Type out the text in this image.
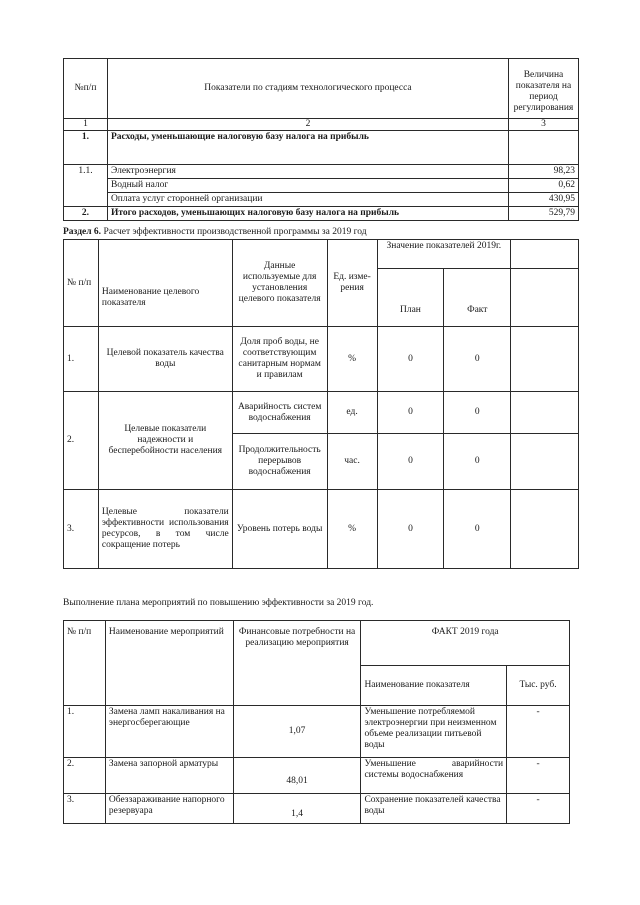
№п/п	Показатели по стадиям технологического процесса	Величина показателя на период регулирования
1	2	3
1.	Расходы, уменьшающие налоговую базу налога на прибыль	
1.1.	Электроэнергия	98,23
	Водный налог	0,62
	Оплата услуг сторонней организации	430,95
2.	Итого расходов, уменьшающих налоговую базу налога на прибыль	529,79
Раздел 6. Расчет эффективности производственной программы за 2019 год
№ п/п	Наименование целевого показателя	Данные используемые для установления целевого показателя	Ед. изме-рения	Значение показателей 2019г.		
				План	Факт	
1.	Целевой показатель качества воды	Доля проб воды, не соответствующим санитарным нормам и правилам	%	0	0	
2.	Целевые показатели надежности и бесперебойности населения	Аварийность систем водоснабжения	ед.	0	0	
		Продолжительность перерывов водоснабжения	час.	0	0	
3.	Целевые показатели эффективности использования ресурсов, в том числе сокращение потерь	Уровень потерь воды	%	0	0	
Выполнение плана мероприятий по повышению эффективности за 2019 год.
№ п/п	Наименование мероприятий	Финансовые потребности на реализацию мероприятия	ФАКТ 2019 года	
			Наименование показателя	Тыс. руб.
1.	Замена ламп накаливания на энергосберегающие	1,07	Уменьшение потребляемой электроэнергии при неизменном объеме реализации питьевой воды	-
2.	Замена запорной арматуры	48,01	Уменьшение аварийности системы водоснабжения	-
3.	Обеззараживание напорного резервуара	1,4	Сохранение показателей качества воды	-
